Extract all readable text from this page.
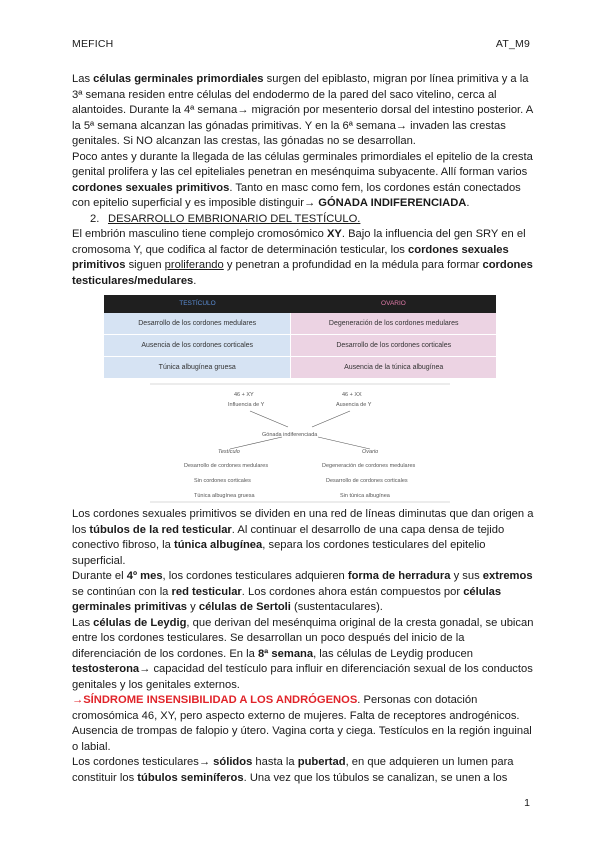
MEFICH	AT_M9

Las células germinales primordiales surgen del epiblasto, migran por línea primitiva y a la 3ª semana residen entre células del endodermo de la pared del saco vitelino, cerca al alantoides. Durante la 4ª semana→ migración por mesenterio dorsal del intestino posterior. A la 5ª semana alcanzan las gónadas primitivas. Y en la 6ª semana→ invaden las crestas genitales. Si NO alcanzan las crestas, las gónadas no se desarrollan.

Poco antes y durante la llegada de las células germinales primordiales el epitelio de la cresta genital prolifera y las cel epiteliales penetran en mesénquima subyacente. Allí forman varios cordones sexuales primitivos. Tanto en masc como fem, los cordones están conectados con epitelio superficial y es imposible distinguir→ GÓNADA INDIFERENCIADA.

2. DESARROLLO EMBRIONARIO DEL TESTÍCULO.

El embrión masculino tiene complejo cromosómico XY. Bajo la influencia del gen SRY en el cromosoma Y, que codifica al factor de determinación testicular, los cordones sexuales primitivos siguen proliferando y penetran a profundidad en la médula para formar cordones testiculares/medulares.

TESTÍCULO	OVARIO
Desarrollo de los cordones medulares	Degeneración de los cordones medulares
Ausencia de los cordones corticales	Desarrollo de los cordones corticales
Túnica albugínea gruesa	Ausencia de la túnica albugínea
46 + XY
Influencia de Y
46 + XX
Ausencia de Y
Gónada indiferenciada
Testículo	Ovario
Desarrollo de cordones medulares
Sin cordones corticales
Túnica albugínea gruesa
Degeneración de cordones medulares
Desarrollo de cordones corticales
Sin túnica albugínea

Los cordones sexuales primitivos se dividen en una red de líneas diminutas que dan origen a los túbulos de la red testicular. Al continuar el desarrollo de una capa densa de tejido conectivo fibroso, la túnica albugínea, separa los cordones testiculares del epitelio superficial.

Durante el 4º mes, los cordones testiculares adquieren forma de herradura y sus extremos se continúan con la red testicular. Los cordones ahora están compuestos por células germinales primitivas y células de Sertoli (sustentaculares).

Las células de Leydig, que derivan del mesénquima original de la cresta gonadal, se ubican entre los cordones testiculares. Se desarrollan un poco después del inicio de la diferenciación de los cordones. En la 8ª semana, las células de Leydig producen testosterona→ capacidad del testículo para influir en diferenciación sexual de los conductos genitales y los genitales externos.

→SÍNDROME INSENSIBILIDAD A LOS ANDRÓGENOS. Personas con dotación cromosómica 46, XY, pero aspecto externo de mujeres. Falta de receptores androgénicos. Ausencia de trompas de falopio y útero. Vagina corta y ciega. Testículos en la región inguinal o labial.

Los cordones testiculares→ sólidos hasta la pubertad, en que adquieren un lumen para constituir los túbulos seminíferos. Una vez que los túbulos se canalizan, se unen a los

1
